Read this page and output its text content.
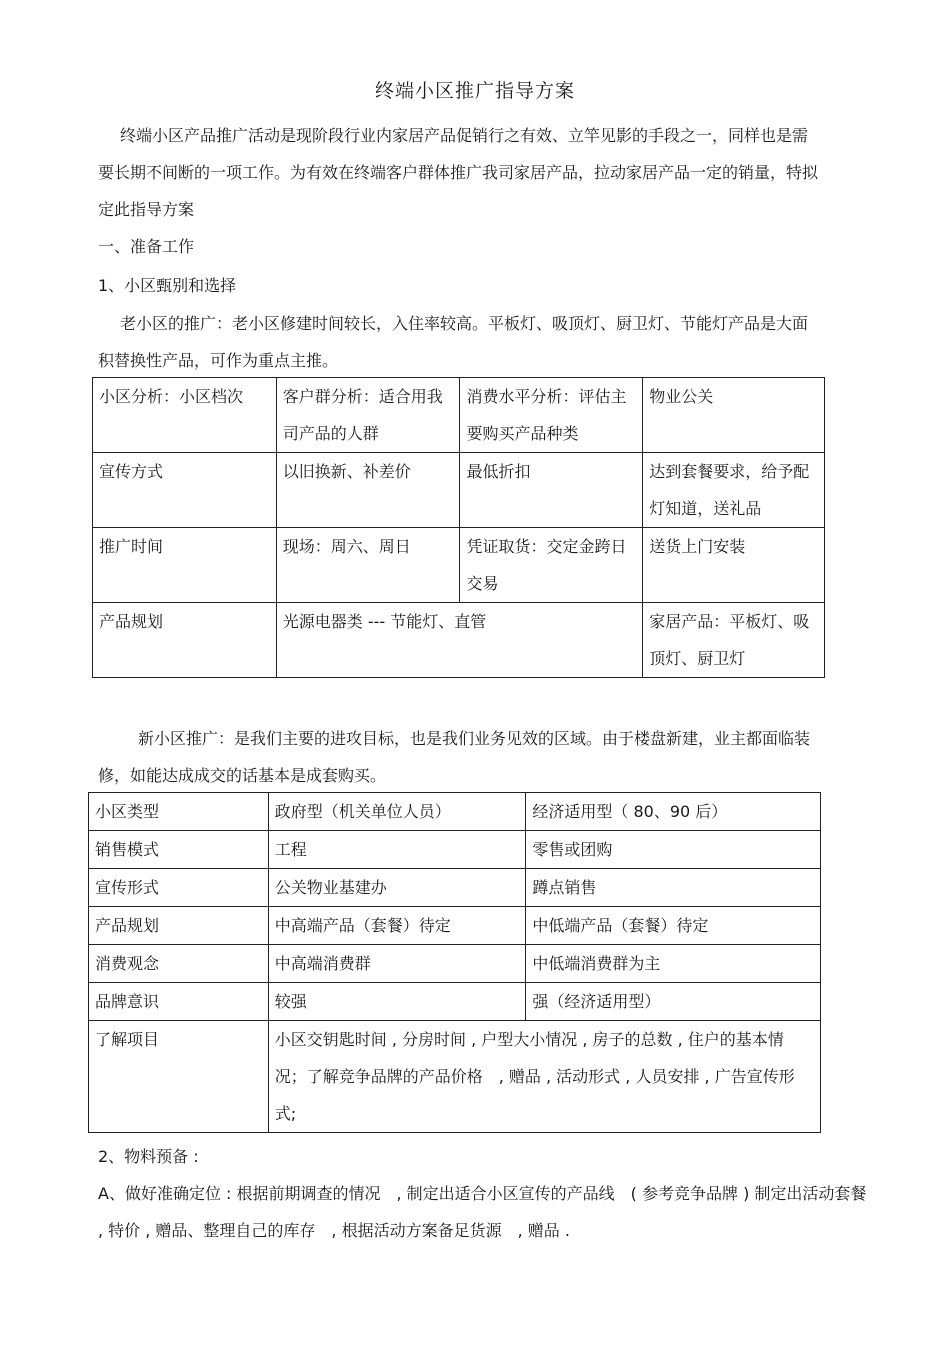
终端小区推广指导方案
终端小区产品推广活动是现阶段行业内家居产品促销行之有效、立竿见影的手段之一，同样也是需要长期不间断的一项工作。为有效在终端客户群体推广我司家居产品，拉动家居产品一定的销量，特拟定此指导方案
一、准备工作
1、小区甄别和选择
老小区的推广：老小区修建时间较长，入住率较高。平板灯、吸顶灯、厨卫灯、节能灯产品是大面积替换性产品，可作为重点主推。
小区分析：小区档次	客户群分析：适合用我司产品的人群	消费水平分析：评估主要购买产品种类	物业公关
宣传方式	以旧换新、补差价	最低折扣	达到套餐要求，给予配灯知道，送礼品
推广时间	现场：周六、周日	凭证取货：交定金跨日交易	送货上门安装
产品规划	光源电器类 --- 节能灯、直管		家居产品：平板灯、吸顶灯、厨卫灯
新小区推广：是我们主要的进攻目标，也是我们业务见效的区域。由于楼盘新建，业主都面临装修，如能达成成交的话基本是成套购买。
小区类型	政府型（机关单位人员）	经济适用型（ 80、90 后）
销售模式	工程	零售或团购
宣传形式	公关物业基建办	蹲点销售
产品规划	中高端产品（套餐）待定	中低端产品（套餐）待定
消费观念	中高端消费群	中低端消费群为主
品牌意识	较强	强（经济适用型）
了解项目	小区交钥匙时间 , 分房时间 , 户型大小情况 , 房子的总数 , 住户的基本情况；了解竞争品牌的产品价格　, 赠品 , 活动形式 , 人员安排 , 广告宣传形式;	
2、物料预备 :
A、做好准确定位 : 根据前期调查的情况　, 制定出适合小区宣传的产品线　( 参考竞争品牌 ) 制定出活动套餐 , 特价 , 赠品、整理自己的库存　, 根据活动方案备足货源　, 赠品 .
